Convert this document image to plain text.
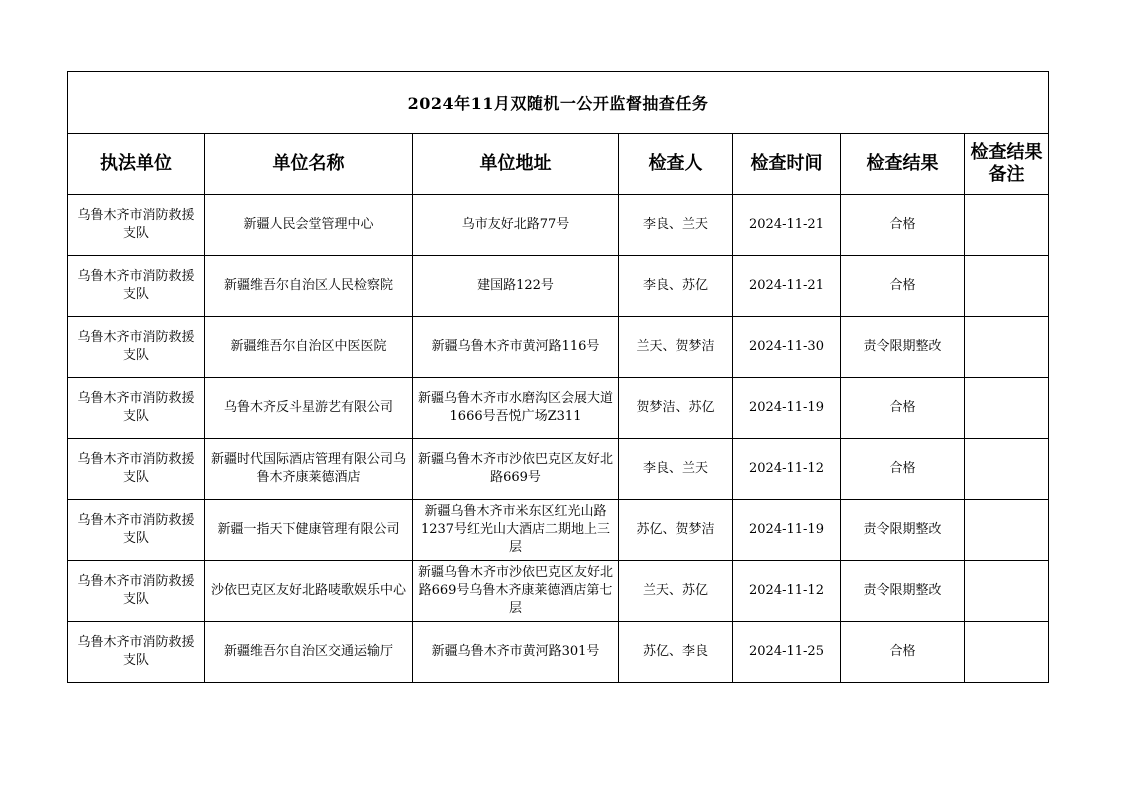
2024年11月双随机一公开监督抽查任务						
执法单位	单位名称	单位地址	检查人	检查时间	检查结果	检查结果备注
乌鲁木齐市消防救援支队	新疆人民会堂管理中心	乌市友好北路77号	李良、兰天	2024-11-21	合格	
乌鲁木齐市消防救援支队	新疆维吾尔自治区人民检察院	建国路122号	李良、苏亿	2024-11-21	合格	
乌鲁木齐市消防救援支队	新疆维吾尔自治区中医医院	新疆乌鲁木齐市黄河路116号	兰天、贺梦洁	2024-11-30	责令限期整改	
乌鲁木齐市消防救援支队	乌鲁木齐反斗星游艺有限公司	新疆乌鲁木齐市水磨沟区会展大道1666号吾悦广场Z311	贺梦洁、苏亿	2024-11-19	合格	
乌鲁木齐市消防救援支队	新疆时代国际酒店管理有限公司乌鲁木齐康莱德酒店	新疆乌鲁木齐市沙依巴克区友好北路669号	李良、兰天	2024-11-12	合格	
乌鲁木齐市消防救援支队	新疆一指天下健康管理有限公司	新疆乌鲁木齐市米东区红光山路1237号红光山大酒店二期地上三层	苏亿、贺梦洁	2024-11-19	责令限期整改	
乌鲁木齐市消防救援支队	沙依巴克区友好北路唛歌娱乐中心	新疆乌鲁木齐市沙依巴克区友好北路669号乌鲁木齐康莱德酒店第七层	兰天、苏亿	2024-11-12	责令限期整改	
乌鲁木齐市消防救援支队	新疆维吾尔自治区交通运输厅	新疆乌鲁木齐市黄河路301号	苏亿、李良	2024-11-25	合格	
